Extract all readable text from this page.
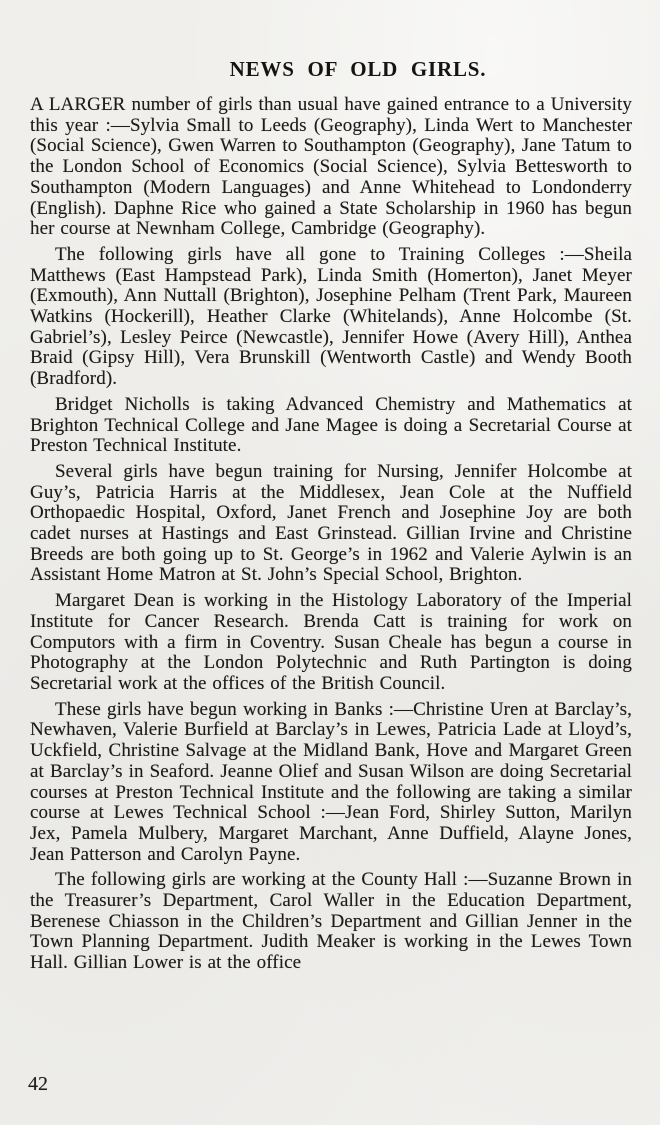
NEWS OF OLD GIRLS.

A LARGER number of girls than usual have gained entrance to a University this year :—Sylvia Small to Leeds (Geography), Linda Wert to Manchester (Social Science), Gwen Warren to Southampton (Geography), Jane Tatum to the London School of Economics (Social Science), Sylvia Bettesworth to Southampton (Modern Languages) and Anne Whitehead to Londonderry (English). Daphne Rice who gained a State Scholarship in 1960 has begun her course at Newnham College, Cambridge (Geography).

The following girls have all gone to Training Colleges :—Sheila Matthews (East Hampstead Park), Linda Smith (Homerton), Janet Meyer (Exmouth), Ann Nuttall (Brighton), Josephine Pelham (Trent Park, Maureen Watkins (Hockerill), Heather Clarke (Whitelands), Anne Holcombe (St. Gabriel’s), Lesley Peirce (Newcastle), Jennifer Howe (Avery Hill), Anthea Braid (Gipsy Hill), Vera Brunskill (Wentworth Castle) and Wendy Booth (Bradford).

Bridget Nicholls is taking Advanced Chemistry and Mathematics at Brighton Technical College and Jane Magee is doing a Secretarial Course at Preston Technical Institute.

Several girls have begun training for Nursing, Jennifer Holcombe at Guy’s, Patricia Harris at the Middlesex, Jean Cole at the Nuffield Orthopaedic Hospital, Oxford, Janet French and Josephine Joy are both cadet nurses at Hastings and East Grinstead. Gillian Irvine and Christine Breeds are both going up to St. George’s in 1962 and Valerie Aylwin is an Assistant Home Matron at St. John’s Special School, Brighton.

Margaret Dean is working in the Histology Laboratory of the Imperial Institute for Cancer Research. Brenda Catt is training for work on Computors with a firm in Coventry. Susan Cheale has begun a course in Photography at the London Polytechnic and Ruth Partington is doing Secretarial work at the offices of the British Council.

These girls have begun working in Banks :—Christine Uren at Barclay’s, Newhaven, Valerie Burfield at Barclay’s in Lewes, Patricia Lade at Lloyd’s, Uckfield, Christine Salvage at the Midland Bank, Hove and Margaret Green at Barclay’s in Seaford. Jeanne Olief and Susan Wilson are doing Secretarial courses at Preston Technical Institute and the following are taking a similar course at Lewes Technical School :—Jean Ford, Shirley Sutton, Marilyn Jex, Pamela Mulbery, Margaret Marchant, Anne Duffield, Alayne Jones, Jean Patterson and Carolyn Payne.

The following girls are working at the County Hall :—Suzanne Brown in the Treasurer’s Department, Carol Waller in the Education Department, Berenese Chiasson in the Children’s Department and Gillian Jenner in the Town Planning Department. Judith Meaker is working in the Lewes Town Hall. Gillian Lower is at the office

42
